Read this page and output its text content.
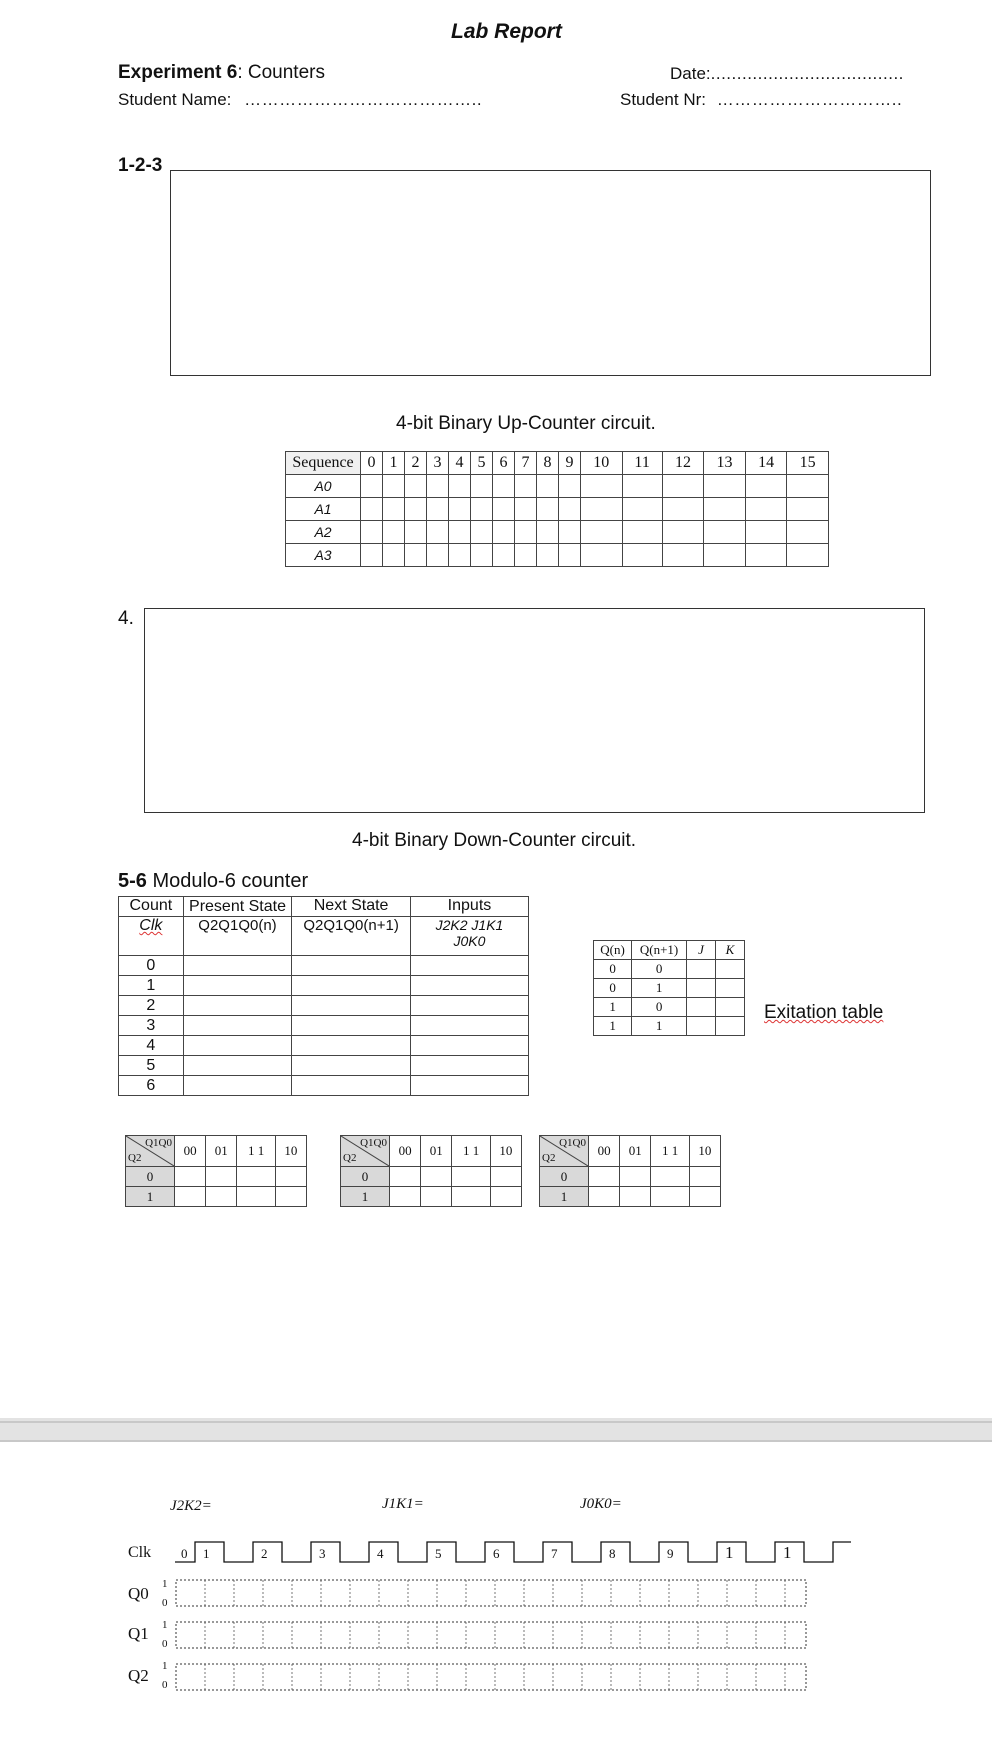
Lab Report
Experiment 6: Counters	Date:.....................................
Student Name: …………………………………..	Student Nr: …………………………..
1-2-3
4-bit Binary Up-Counter circuit.
Sequence	0	1	2	3	4	5	6	7	8	9	10	11	12	13	14	15
A0																
A1																
A2																
A3																
4.
4-bit Binary Down-Counter circuit.
5-6 Modulo-6 counter
Count	Present State	Next State	Inputs
Clk	Q2Q1Q0(n)	Q2Q1Q0(n+1)	J2K2 J1K1 J0K0
0			
1			
2			
3			
4			
5			
6			
Q(n)	Q(n+1)	J	K
0	0		
0	1		
1	0		
1	1		
Exitation table
Q1Q0
Q2	00	01	1 1	10
0				
1				
Q1Q0
Q2	00	01	1 1	10
0				
1				
Q1Q0
Q2	00	01	1 1	10
0				
1				
J2K2=	J1K1=	J0K0=
Clk 0 1	2	3	4	5	6	7	8	9	1	1
Q0
Q1
Q2
1
0
1
0
1
0
